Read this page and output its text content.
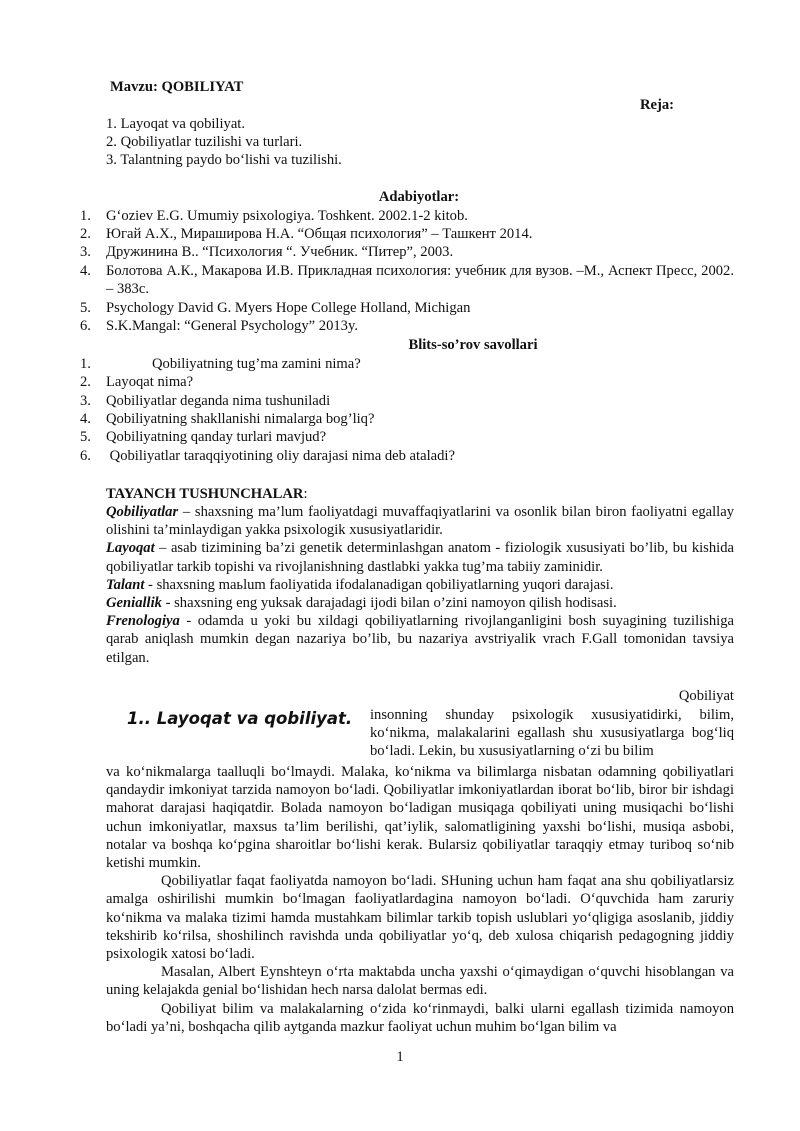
Mavzu: QOBILIYAT
Reja:
1. Layoqat va qobiliyat.
2. Qobiliyatlar tuzilishi va turlari.
3. Talantning paydo boʻlishi va tuzilishi.
Adabiyotlar:
1. Gʻoziev E.G. Umumiy psixologiya. Toshkent. 2002.1-2 kitob.
2. Югай А.Х., Мираширова Н.А. “Общая психология” – Ташкент 2014.
3. Дружинина В.. “Психология “. Учебник. “Питер”, 2003.
4. Болотова А.К., Макарова И.В. Прикладная психология: учебник для вузов. –М., Аспект Пресс, 2002. – 383с.
5. Psychology David G. Myers Hope College Holland, Michigan
6. S.K.Mangal: “General Psychology” 2013y.
Blits-so’rov savollari
1.	Qobiliyatning tug’ma zamini nima?
2. Layoqat nima?
3. Qobiliyatlar deganda nima tushuniladi
4. Qobiliyatning shakllanishi nimalarga bog’liq?
5. Qobiliyatning qanday turlari mavjud?
6. Qobiliyatlar taraqqiyotining oliy darajasi nima deb ataladi?
TAYANCH TUSHUNCHALAR:

Qobiliyatlar – shaxsning ma’lum faoliyatdagi muvaffaqiyatlarini va osonlik bilan biron faoliyatni egallay olishini ta’minlaydigan yakka psixologik xususiyatlaridir.

Layoqat – asab tizimining ba’zi genetik determinlashgan anatom - fiziologik xususiyati bo’lib, bu kishida qobiliyatlar tarkib topishi va rivojlanishning dastlabki yakka tug’ma tabiiy zaminidir.

Talant - shaxsning maьlum faoliyatida ifodalanadigan qobiliyatlarning yuqori darajasi.

Geniallik - shaxsning eng yuksak darajadagi ijodi bilan o’zini namoyon qilish hodisasi.

Frenologiya - odamda u yoki bu xildagi qobiliyatlarning rivojlanganligini bosh suyagining tuzilishiga qarab aniqlash mumkin degan nazariya bo’lib, bu nazariya avstriyalik vrach F.Gall tomonidan tavsiya etilgan.

1.. Layoqat va qobiliyat.
Qobiliyat

insonning shunday psixologik xususiyatidirki, bilim, koʻnikma, malakalarini egallash shu xususiyatlarga bogʻliq boʻladi. Lekin, bu xususiyatlarning oʻzi bu bilim

va koʻnikmalarga taalluqli boʻlmaydi. Malaka, koʻnikma va bilimlarga nisbatan odamning qobiliyatlari qandaydir imkoniyat tarzida namoyon boʻladi. Qobiliyatlar imkoniyatlardan iborat boʻlib, biror bir ishdagi mahorat darajasi haqiqatdir. Bolada namoyon boʻladigan musiqaga qobiliyati uning musiqachi boʻlishi uchun imkoniyatlar, maxsus ta’lim berilishi, qat’iylik, salomatligining yaxshi boʻlishi, musiqa asbobi, notalar va boshqa koʻpgina sharoitlar boʻlishi kerak. Bularsiz qobiliyatlar taraqqiy etmay turiboq soʻnib ketishi mumkin.

Qobiliyatlar faqat faoliyatda namoyon boʻladi. SHuning uchun ham faqat ana shu qobiliyatlarsiz amalga oshirilishi mumkin boʻlmagan faoliyatlardagina namoyon boʻladi. Oʻquvchida ham zaruriy koʻnikma va malaka tizimi hamda mustahkam bilimlar tarkib topish uslublari yoʻqligiga asoslanib, jiddiy tekshirib koʻrilsa, shoshilinch ravishda unda qobiliyatlar yoʻq, deb xulosa chiqarish pedagogning jiddiy psixologik xatosi boʻladi.

Masalan, Albert Eynshteyn oʻrta maktabda uncha yaxshi oʻqimaydigan oʻquvchi hisoblangan va uning kelajakda genial boʻlishidan hech narsa dalolat bermas edi.

Qobiliyat bilim va malakalarning oʻzida koʻrinmaydi, balki ularni egallash tizimida namoyon boʻladi ya’ni, boshqacha qilib aytganda mazkur faoliyat uchun muhim boʻlgan bilim va

1
